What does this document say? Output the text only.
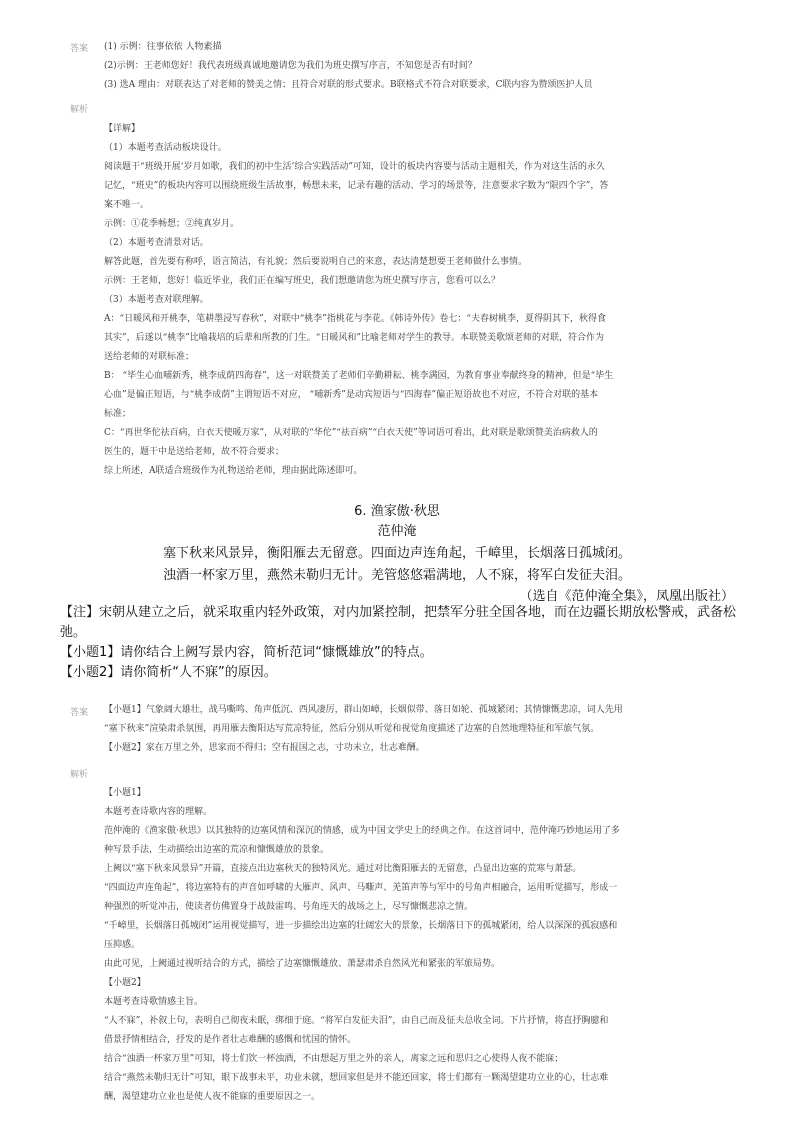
答案 (1) 示例：往事依依 人物素描
(2)示例：王老师您好！我代表班级真诚地邀请您为我们为班史撰写序言，不知您是否有时间？
(3) 选A 理由：对联表达了对老师的赞美之情；且符合对联的形式要求。B联格式不符合对联要求，C联内容为赞颂医护人员
解析
【详解】
（1）本题考查活动板块设计。
阅读题干“班级开展‘岁月如歌，我们的初中生活’综合实践活动”可知，设计的板块内容要与活动主题相关，作为对这生活的永久
记忆，“班史”的板块内容可以围绕班级生活故事，畅想未来，记录有趣的活动、学习的场景等，注意要求字数为“限四个字”，答
案不唯一。
示例：①花季畅想；②纯真岁月。
（2）本题考查清景对话。
解答此题，首先要有称呼，语言简洁，有礼貌；然后要说明自己的来意，表达清楚想要王老师做什么事情。
示例：王老师，您好！临近毕业，我们正在编写班史，我们想邀请您为班史撰写序言，您看可以么？
（3）本题考查对联理解。
A：“日暖风和开桃李，笔耕墨浸写春秋”，对联中“桃李”指桃花与李花。《韩诗外传》卷七：“夫春树桃李，夏得阴其下，秋得食
其实”，后遂以“桃李”比喻栽培的后辈和所教的门生。“日暖风和”比喻老师对学生的教导。本联赞美歌颂老师的对联，符合作为
送给老师的对联标准；
B： “毕生心血哺新秀，桃李成荫四海春”，这一对联赞美了老师们辛勤耕耘、桃李满园，为教育事业奉献终身的精神，但是“毕生
心血”是偏正短语，与“桃李成荫”主谓短语不对应， “哺新秀”是动宾短语与“四海春”偏正短语故也不对应，不符合对联的基本
标准；
C：“再世华佗祛百病，白衣天使暖万家”，从对联的“华佗”“祛百病”“白衣天使”等词语可看出，此对联是歌颂赞美治病救人的
医生的，题干中是送给老师，故不符合要求；
综上所述，A联适合班级作为礼物送给老师，理由据此陈述即可。
6. 渔家傲·秋思
范仲淹
塞下秋来风景异，衡阳雁去无留意。四面边声连角起，千嶂里，长烟落日孤城闭。
浊酒一杯家万里，燕然未勒归无计。羌管悠悠霜满地，人不寐，将军白发征夫泪。
（选自《范仲淹全集》，凤凰出版社）
【注】宋朝从建立之后，就采取重内轻外政策，对内加紧控制，把禁军分驻全国各地，而在边疆长期放松警戒，武备松
弛。
【小题1】请你结合上阙写景内容，简析范词“慷慨雄放”的特点。
【小题2】请你简析“人不寐”的原因。
答案 【小题1】气象阔大雄壮，战马嘶鸣、角声低沉、西风凄厉，群山如嶂，长烟似带、落日如轮、孤城紧闭；其情慷慨悲凉，词人先用
“塞下秋来”渲染肃杀氛围，再用雁去衡阳达写荒凉特征，然后分别从听觉和视觉角度描述了边塞的自然地理特征和军旅气氛。
【小题2】家在万里之外，思家而不得归；空有报国之志，寸功未立，壮志难酬。
解析
【小题1】
本题考查诗歌内容的理解。
范仲淹的《渔家傲·秋思》以其独特的边塞风情和深沉的情感，成为中国文学史上的经典之作。在这首词中，范仲淹巧妙地运用了多
种写景手法，生动描绘出边塞的荒凉和慷慨雄放的景象。
上阙以“塞下秋来风景异”开篇，直接点出边塞秋天的独特风光。通过对比衡阳雁去的无留意，凸显出边塞的荒寒与萧瑟。
“四面边声连角起”，将边塞特有的声音如呼啸的大雁声、风声、马嘶声、羌笛声等与军中的号角声相融合，运用听觉描写，形成一
种强烈的听觉冲击，使读者仿佛置身于战鼓雷鸣、号角连天的战场之上，尽写慷慨悲凉之情。
“千嶂里，长烟落日孤城闭”运用视觉描写，进一步描绘出边塞的壮阔宏大的景象，长烟落日下的孤城紧闭，给人以深深的孤寂感和
压抑感。
由此可见，上阙通过视听结合的方式，描绘了边塞慷慨雄放、萧瑟肃杀自然风光和紧张的军旅局势。
【小题2】
本题考查诗歌情感主旨。
“人不寐”，补叙上句，表明自己彻夜未眠，绑细于庭。“将军白发征夫泪”，由自己而及征夫总收全词。下片抒情，将直抒胸臆和
借景抒情相结合，抒发的是作者壮志难酬的感慨和忧国的情怀。
结合“浊酒一杯家万里”可知，将士们饮一杯浊酒，不由想起万里之外的亲人，离家之远和思归之心使得人夜不能寐；
结合“燕然未勒归无计”可知，眼下战事未平，功业未就，想回家但是并不能还回家，将士们都有一颗渴望建功立业的心，壮志难
酬，渴望建功立业也是使人夜不能寐的重要原因之一。
